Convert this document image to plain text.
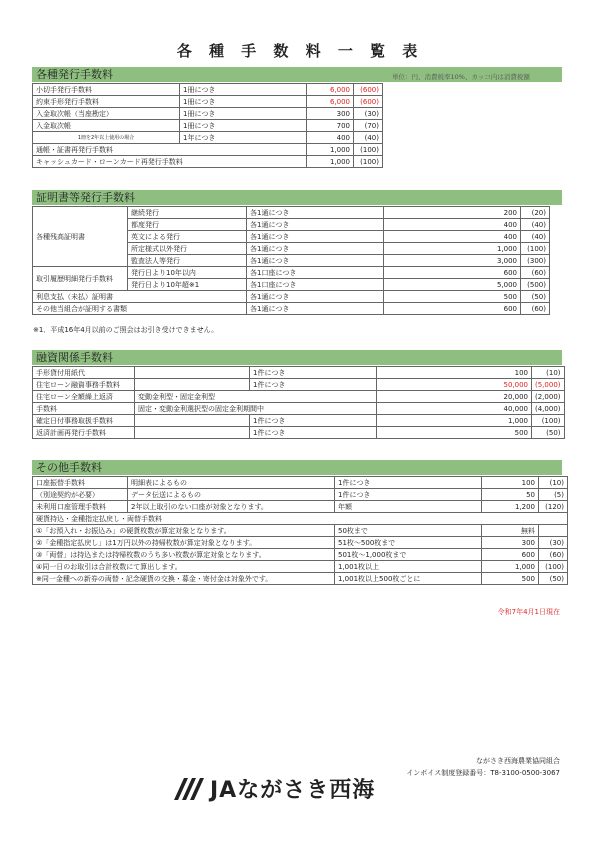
各 種 手 数 料 一 覧 表
各種発行手数料	単位：円、消費税率10%、カッコ内は消費税額
小切手発行手数料	1冊につき	6,000	(600)
約束手形発行手数料	1冊につき	6,000	(600)
入金取次帳（当座勘定）	1冊につき	300	(30)
入金取次帳	1冊につき	700	(70)
1冊を2年以上使用の場合	1年につき	400	(40)
通帳・証書再発行手数料		1,000	(100)
キャッシュカード・ローンカード再発行手数料		1,000	(100)
証明書等発行手数料
各種残高証明書	継続発行	各1通につき	200	(20)
	都度発行	各1通につき	400	(40)
	英文による発行	各1通につき	400	(40)
	所定様式以外発行	各1通につき	1,000	(100)
	監査法人等発行	各1通につき	3,000	(300)
取引履歴明細発行手数料	発行日より10年以内	各1口座につき	600	(60)
	発行日より10年超※1	各1口座につき	5,000	(500)
利息支払（未払）証明書		各1通につき	500	(50)
その他当組合が証明する書類		各1通につき	600	(60)
※1．平成16年4月以前のご照会はお引き受けできません。
融資関係手数料
手形貸付用紙代		1件につき	100	(10)
住宅ローン融資事務手数料		1件につき	50,000	(5,000)
住宅ローン全額繰上返済	変動金利型・固定金利型		20,000	(2,000)
手数料	固定・変動金利選択型の固定金利期間中		40,000	(4,000)
確定日付事務取扱手数料		1件につき	1,000	(100)
返済計画再発行手数料		1件につき	500	(50)
その他手数料
口座振替手数料	明細表によるもの	1件につき	100	(10)
（別途契約が必要）	データ伝送によるもの	1件につき	50	(5)
未利用口座管理手数料	2年以上取引のない口座が対象となります。	年額	1,200	(120)
硬貨持込・金種指定払戻し・両替手数料				
①「お預入れ・お振込み」の硬貨枚数が算定対象となります。		50枚まで	無料	
②「金種指定払戻し」は1万円以外の持帰枚数が算定対象となります。		51枚～500枚まで	300	(30)
③「両替」は持込または持帰枚数のうち多い枚数が算定対象となります。		501枚～1,000枚まで	600	(60)
④同一日のお取引は合計枚数にて算出します。		1,001枚以上	1,000	(100)
※同一金種への新券の両替・記念硬貨の交換・募金・寄付金は対象外です。		1,001枚以上500枚ごとに	500	(50)
令和7年4月1日現在
ながさき西海農業協同組合
インボイス制度登録番号：T8-3100-0500-3067
JAながさき西海
